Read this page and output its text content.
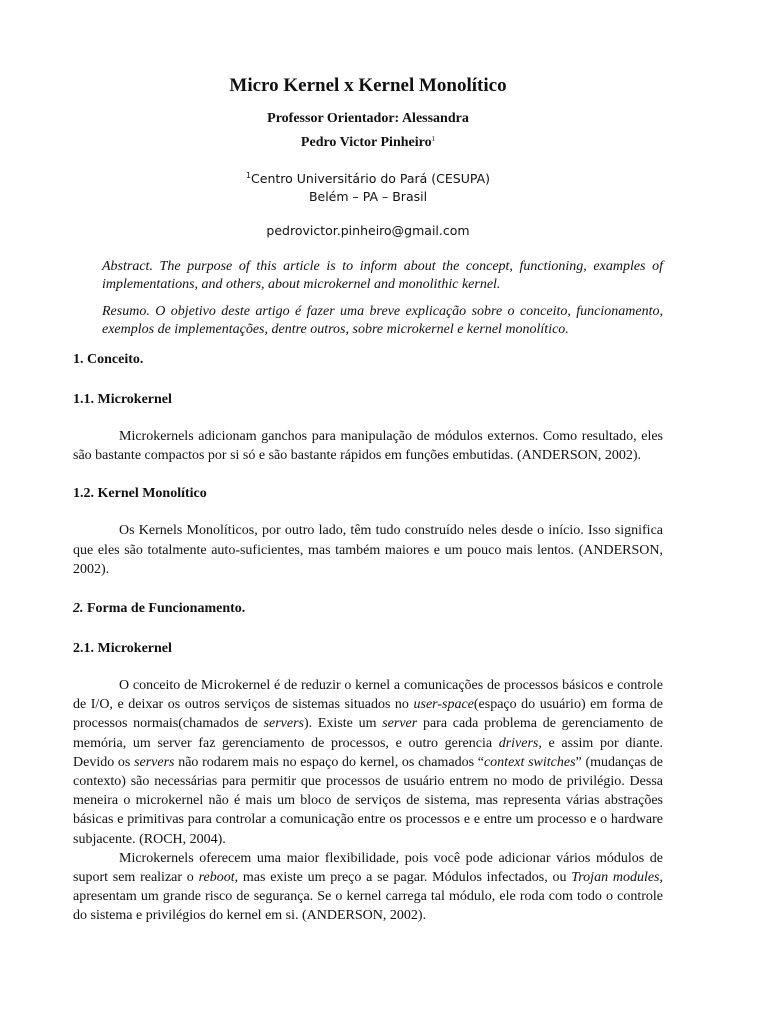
Micro Kernel x Kernel Monolítico

Professor Orientador: Alessandra

Pedro Victor Pinheiro$^1$

$^1$Centro Universitário do Pará (CESUPA)
Belém – PA – Brasil
pedrovictor.pinheiro@gmail.com

Abstract. The purpose of this article is to inform about the concept, functioning, examples of implementations, and others, about microkernel and monolithic kernel.

Resumo. O objetivo deste artigo é fazer uma breve explicação sobre o conceito, funcionamento, exemplos de implementações, dentre outros, sobre microkernel e kernel monolítico.

1. Conceito.
1.1. Microkernel

Microkernels adicionam ganchos para manipulação de módulos externos. Como resultado, eles são bastante compactos por si só e são bastante rápidos em funções embutidas. (ANDERSON, 2002).

1.2. Kernel Monolítico

Os Kernels Monolíticos, por outro lado, têm tudo construído neles desde o início. Isso significa que eles são totalmente auto-suficientes, mas também maiores e um pouco mais lentos. (ANDERSON, 2002).

2. Forma de Funcionamento.
2.1. Microkernel

O conceito de Microkernel é de reduzir o kernel a comunicações de processos básicos e controle de I/O, e deixar os outros serviços de sistemas situados no user-space(espaço do usuário) em forma de processos normais(chamados de servers). Existe um server para cada problema de gerenciamento de memória, um server faz gerenciamento de processos, e outro gerencia drivers, e assim por diante. Devido os servers não rodarem mais no espaço do kernel, os chamados “context switches” (mudanças de contexto) são necessárias para permitir que processos de usuário entrem no modo de privilégio. Dessa meneira o microkernel não é mais um bloco de serviços de sistema, mas representa várias abstrações básicas e primitivas para controlar a comunicação entre os processos e e entre um processo e o hardware subjacente. (ROCH, 2004).

Microkernels oferecem uma maior flexibilidade, pois você pode adicionar vários módulos de suport sem realizar o reboot, mas existe um preço a se pagar. Módulos infectados, ou Trojan modules, apresentam um grande risco de segurança. Se o kernel carrega tal módulo, ele roda com todo o controle do sistema e privilégios do kernel em si. (ANDERSON, 2002).
